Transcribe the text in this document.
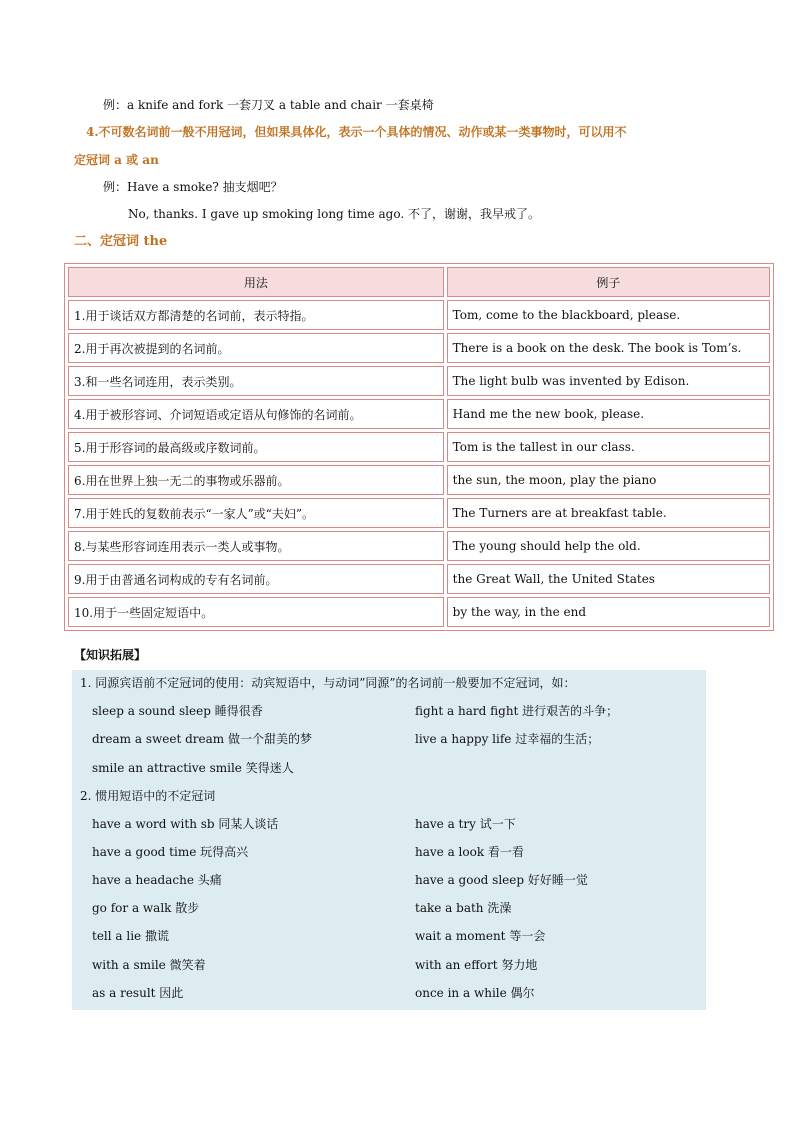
例：a knife and fork 一套刀叉 a table and chair 一套桌椅
4.不可数名词前一般不用冠词，但如果具体化，表示一个具体的情况、动作或某一类事物时，可以用不
定冠词 a 或 an
例：Have a smoke? 抽支烟吧？
No, thanks. I gave up smoking long time ago. 不了，谢谢，我早戒了。
二、定冠词 the
用法	例子
1.用于谈话双方都清楚的名词前，表示特指。	Tom, come to the blackboard, please.
2.用于再次被提到的名词前。	There is a book on the desk. The book is Tom’s.
3.和一些名词连用，表示类别。	The light bulb was invented by Edison.
4.用于被形容词、介词短语或定语从句修饰的名词前。	Hand me the new book, please.
5.用于形容词的最高级或序数词前。	Tom is the tallest in our class.
6.用在世界上独一无二的事物或乐器前。	the sun, the moon, play the piano
7.用于姓氏的复数前表示“一家人”或“夫妇”。	The Turners are at breakfast table.
8.与某些形容词连用表示一类人或事物。	The young should help the old.
9.用于由普通名词构成的专有名词前。	the Great Wall, the United States
10.用于一些固定短语中。	by the way, in the end
【知识拓展】
1. 同源宾语前不定冠词的使用：动宾短语中，与动词”同源”的名词前一般要加不定冠词，如：
sleep a sound sleep 睡得很香	fight a hard fight 进行艰苦的斗争；
dream a sweet dream 做一个甜美的梦	live a happy life 过幸福的生活；
smile an attractive smile 笑得迷人
2. 惯用短语中的不定冠词
have a word with sb 同某人谈话	have a try 试一下
have a good time 玩得高兴	have a look 看一看
have a headache 头痛	have a good sleep 好好睡一觉
go for a walk 散步	take a bath 洗澡
tell a lie 撒谎	wait a moment 等一会
with a smile 微笑着	with an effort 努力地
as a result 因此	once in a while 偶尔
